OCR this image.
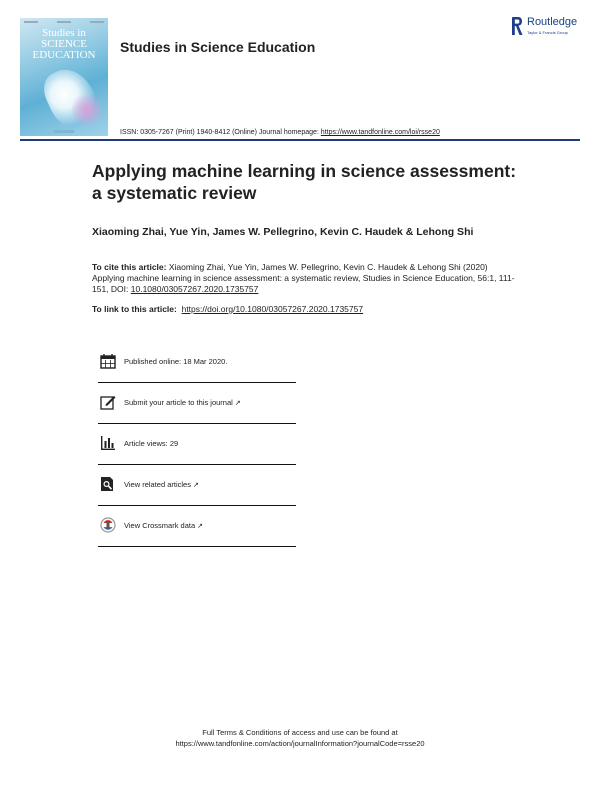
Studies in
SCIENCE
EDUCATION	Studies in Science Education
Routledge
Taylor & Francis Group
ISSN: 0305-7267 (Print) 1940-8412 (Online) Journal homepage: https://www.tandfonline.com/loi/rsse20
Applying machine learning in science assessment:
a systematic review
Xiaoming Zhai, Yue Yin, James W. Pellegrino, Kevin C. Haudek & Lehong Shi
To cite this article: Xiaoming Zhai, Yue Yin, James W. Pellegrino, Kevin C. Haudek & Lehong Shi (2020) Applying machine learning in science assessment: a systematic review, Studies in Science Education, 56:1, 111-151, DOI: 10.1080/03057267.2020.1735757
To link to this article: https://doi.org/10.1080/03057267.2020.1735757
Published online: 18 Mar 2020.
Submit your article to this journal ↗
Article views: 29
View related articles ↗
View Crossmark data ↗
Full Terms & Conditions of access and use can be found at
https://www.tandfonline.com/action/journalInformation?journalCode=rsse20
